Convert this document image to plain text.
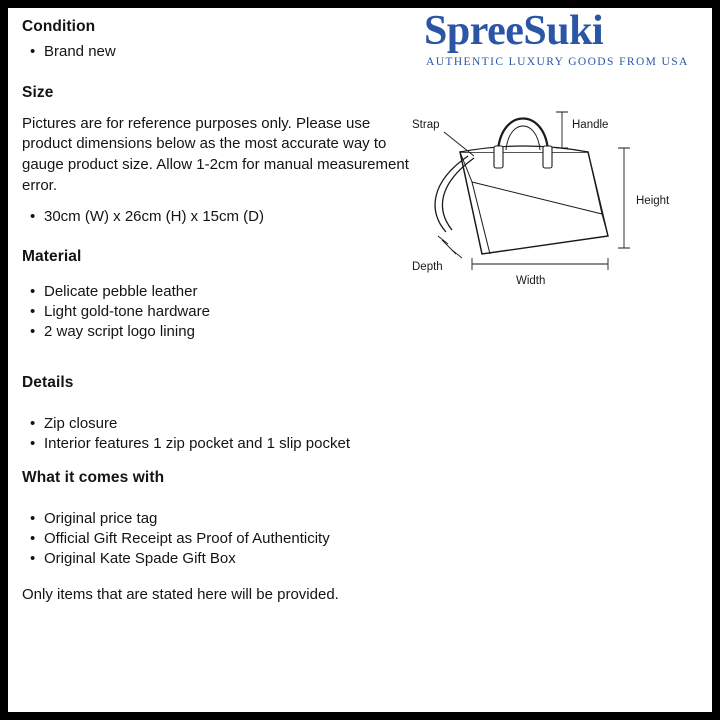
Condition
• Brand new
Size

Pictures are for reference purposes only. Please use product dimensions below as the most accurate way to gauge product size. Allow 1-2cm for manual measurement error.

• 30cm (W) x 26cm (H) x 15cm (D)
Material
• Delicate pebble leather
• Light gold-tone hardware
• 2 way script logo lining
Details
• Zip closure
• Interior features 1 zip pocket and 1 slip pocket
What it comes with
• Original price tag
• Official Gift Receipt as Proof of Authenticity
• Original Kate Spade Gift Box

Only items that are stated here will be provided.

SpreeSuki
AUTHENTIC LUXURY GOODS FROM USA
Strap	Handle
Height
Depth
Width
